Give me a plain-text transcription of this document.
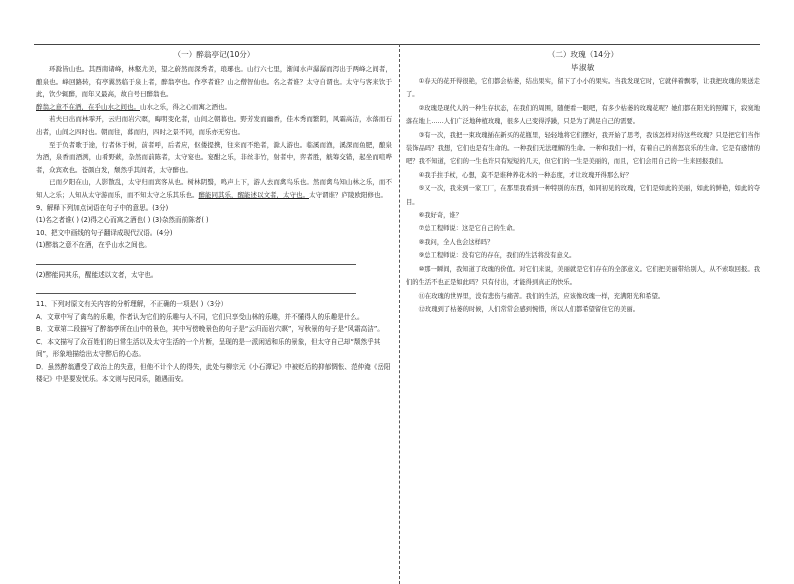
（一）醉翁亭记(10分）

环滁皆山也。其西南诸峰，林壑尤美，望之蔚然而深秀者，琅琊也。山行六七里，渐闻水声潺潺而泻出于两峰之间者，酿泉也。峰回路转，有亭翼然临于泉上者，醉翁亭也。作亭者谁？山之僧智仙也。名之者谁？太守自谓也。太守与客来饮于此，饮少辄醉，而年又最高，故自号曰醉翁也。

醉翁之意不在酒，在乎山水之间也。山水之乐，得之心而寓之酒也。

若夫日出而林霏开，云归而岩穴暝，晦明变化者，山间之朝暮也。野芳发而幽香，佳木秀而繁阴，风霜高洁，水落而石出者，山间之四时也。朝而往，暮而归，四时之景不同，而乐亦无穷也。

至于负者歌于途，行者休于树，前者呼，后者应，伛偻提携，往来而不绝者，滁人游也。临溪而渔，溪深而鱼肥，酿泉为酒，泉香而酒洌，山肴野蔌，杂然而前陈者，太守宴也。宴酣之乐，非丝非竹，射者中，弈者胜，觥筹交错，起坐而喧哗者，众宾欢也。苍颜白发，颓然乎其间者，太守醉也。

已而夕阳在山，人影散乱，太守归而宾客从也。树林阴翳，鸣声上下，游人去而禽鸟乐也。然而禽鸟知山林之乐，而不知人之乐；人知从太守游而乐，而不知太守之乐其乐也。醉能同其乐，醒能述以文者，太守也。太守谓谁？庐陵欧阳修也。

9、解释下列加点词语在句子中的意思。(3分)

(1)名之者谁( ) (2)得之心而寓之酒也( ) (3)杂然而前陈者( )

10、把文中画线的句子翻译成现代汉语。(4分)

(1)醉翁之意不在酒，在乎山水之间也。

(2)醉能同其乐，醒能述以文者，太守也。

11、下列对原文有关内容的分析理解，不正确的一项是( )（3分）

A．文章中写了禽鸟的乐趣，作者认为它们的乐趣与人不同，它们只享受山林的乐趣，并不懂得人的乐趣是什么。

B．文章第二段描写了醉翁亭所在山中的景色，其中写傍晚景色的句子是“云归而岩穴暝”，写秋景的句子是“风霜高洁”。

C．本文描写了众百姓们的日常生活以及太守生活的一个片断，呈现的是一派闲适和乐的景象，但太守自己却“颓然乎其间”，形象地描绘出太守醉后的心态。

D．虽然醉翁遭受了政治上的失意，但他不计个人的得失，此处与柳宗元《小石潭记》中被贬后的抑郁惆怅、范仲淹《岳阳楼记》中是要发忧乐。本文则与民同乐，随遇而安。

（二）玫瑰（14分）
毕淑敏

①春天的花开得很艳，它们都会枯萎，结出果实，留下了小小的果实。当我发现它时，它就伴着飘零，让我把玫瑰的果送走了。

②玫瑰是现代人的一种生存状态，在我们的周围，随便看一眼吧，有多少枯萎的玫瑰花呢？她们都在阳光的照耀下，寂寞地落在地上……人们广泛地种植玫瑰，很多人已变得浮躁，只是为了满足自己的需要。

③有一次，我把一束玫瑰插在新买的花瓶里，轻轻地将它们摆好，我开始了思考，我该怎样对待这些玫瑰？只是把它们当作装饰品吗？我想，它们也是有生命的。一种我们无法理解的生命。一种和我们一样，有着自己的喜怒哀乐的生命。它是有感情的吧？我不知道，它们的一生也许只有短短的几天，但它们的一生是美丽的，而且，它们会用自己的一生来回报我们。

④我手拄手杖，心想，莫不是谁种养花木的一种态度，才让玫瑰开得那么好？

⑤又一次，我来到一家工厂，在那里我看到一种特别的东西，如同初见的玫瑰，它们是如此的美丽，如此的鲜艳，如此的夺目。

⑥我好奇，谁？

⑦总工程师说：这是它自己的生命。

⑧我问，全人也会这样吗？

⑨总工程师说：没有它的存在，我们的生活将没有意义。

⑩那一瞬间，我知道了玫瑰的价值。对它们来说，美丽就是它们存在的全部意义。它们把美丽带给别人，从不索取回报。我们的生活不也正是如此吗？只有付出，才能得到真正的快乐。

⑪在玫瑰的世界里，没有悲伤与痛苦。我们的生活，应该像玫瑰一样，充满阳光和希望。

⑫玫瑰到了枯萎的时候，人们常常会感到惋惜，所以人们都希望留住它的美丽。
